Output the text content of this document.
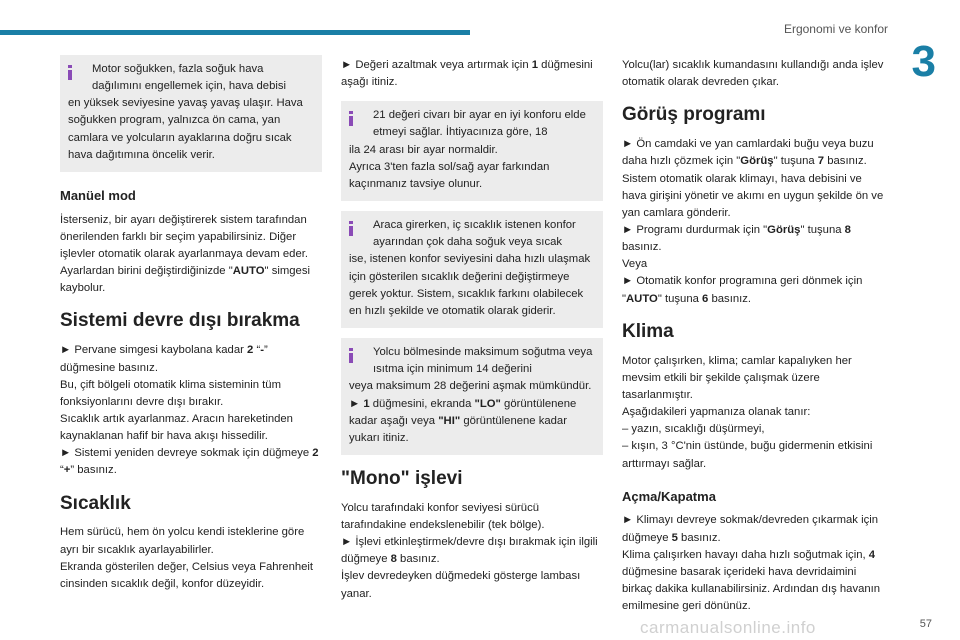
Ergonomi ve konfor
3

Motor soğukken, fazla soğuk hava dağılımını engellemek için, hava debisi

en yüksek seviyesine yavaş yavaş ulaşır. Hava soğukken program, yalnızca ön cama, yan camlara ve yolcuların ayaklarına doğru sıcak hava dağıtımına öncelik verir.

Manüel mod

İsterseniz, bir ayarı değiştirerek sistem tarafından önerilenden farklı bir seçim yapabilirsiniz. Diğer işlevler otomatik olarak ayarlanmaya devam eder.

Ayarlardan birini değiştirdiğinizde "AUTO" simgesi kaybolur.

Sistemi devre dışı bırakma

► Pervane simgesi kaybolana kadar 2 “-” düğmesine basınız.

Bu, çift bölgeli otomatik klima sisteminin tüm fonksiyonlarını devre dışı bırakır.

Sıcaklık artık ayarlanmaz. Aracın hareketinden kaynaklanan hafif bir hava akışı hissedilir.

► Sistemi yeniden devreye sokmak için düğmeye 2 “+” basınız.

Sıcaklık

Hem sürücü, hem ön yolcu kendi isteklerine göre ayrı bir sıcaklık ayarlayabilirler.

Ekranda gösterilen değer, Celsius veya Fahrenheit cinsinden sıcaklık değil, konfor düzeyidir.

► Değeri azaltmak veya artırmak için 1 düğmesini aşağı itiniz.

21 değeri civarı bir ayar en iyi konforu elde etmeyi sağlar. İhtiyacınıza göre, 18

ila 24 arası bir ayar normaldir.

Ayrıca 3'ten fazla sol/sağ ayar farkından kaçınmanız tavsiye olunur.

Araca girerken, iç sıcaklık istenen konfor ayarından çok daha soğuk veya sıcak

ise, istenen konfor seviyesini daha hızlı ulaşmak için gösterilen sıcaklık değerini değiştirmeye gerek yoktur. Sistem, sıcaklık farkını olabilecek en hızlı şekilde ve otomatik olarak giderir.

Yolcu bölmesinde maksimum soğutma veya ısıtma için minimum 14 değerini

veya maksimum 28 değerini aşmak mümkündür.

► 1 düğmesini, ekranda "LO" görüntülenene kadar aşağı veya "HI" görüntülenene kadar yukarı itiniz.

"Mono" işlevi

Yolcu tarafındaki konfor seviyesi sürücü tarafındakine endekslenebilir (tek bölge).

► İşlevi etkinleştirmek/devre dışı bırakmak için ilgili düğmeye 8 basınız.

İşlev devredeyken düğmedeki gösterge lambası yanar.

Yolcu(lar) sıcaklık kumandasını kullandığı anda işlev otomatik olarak devreden çıkar.

Görüş programı

► Ön camdaki ve yan camlardaki buğu veya buzu daha hızlı çözmek için "Görüş" tuşuna 7 basınız.

Sistem otomatik olarak klimayı, hava debisini ve hava girişini yönetir ve akımı en uygun şekilde ön ve yan camlara gönderir.

► Programı durdurmak için "Görüş" tuşuna 8 basınız.

Veya

► Otomatik konfor programına geri dönmek için "AUTO" tuşuna 6 basınız.

Klima

Motor çalışırken, klima; camlar kapalıyken her mevsim etkili bir şekilde çalışmak üzere tasarlanmıştır.

Aşağıdakileri yapmanıza olanak tanır:

– yazın, sıcaklığı düşürmeyi,

– kışın, 3 °C'nin üstünde, buğu gidermenin etkisini arttırmayı sağlar.

Açma/Kapatma

► Klimayı devreye sokmak/devreden çıkarmak için düğmeye 5 basınız.

Klima çalışırken havayı daha hızlı soğutmak için, 4 düğmesine basarak içerideki hava devridaimini birkaç dakika kullanabilirsiniz. Ardından dış havanın emilmesine geri dönünüz.

carmanualsonline.info	57
